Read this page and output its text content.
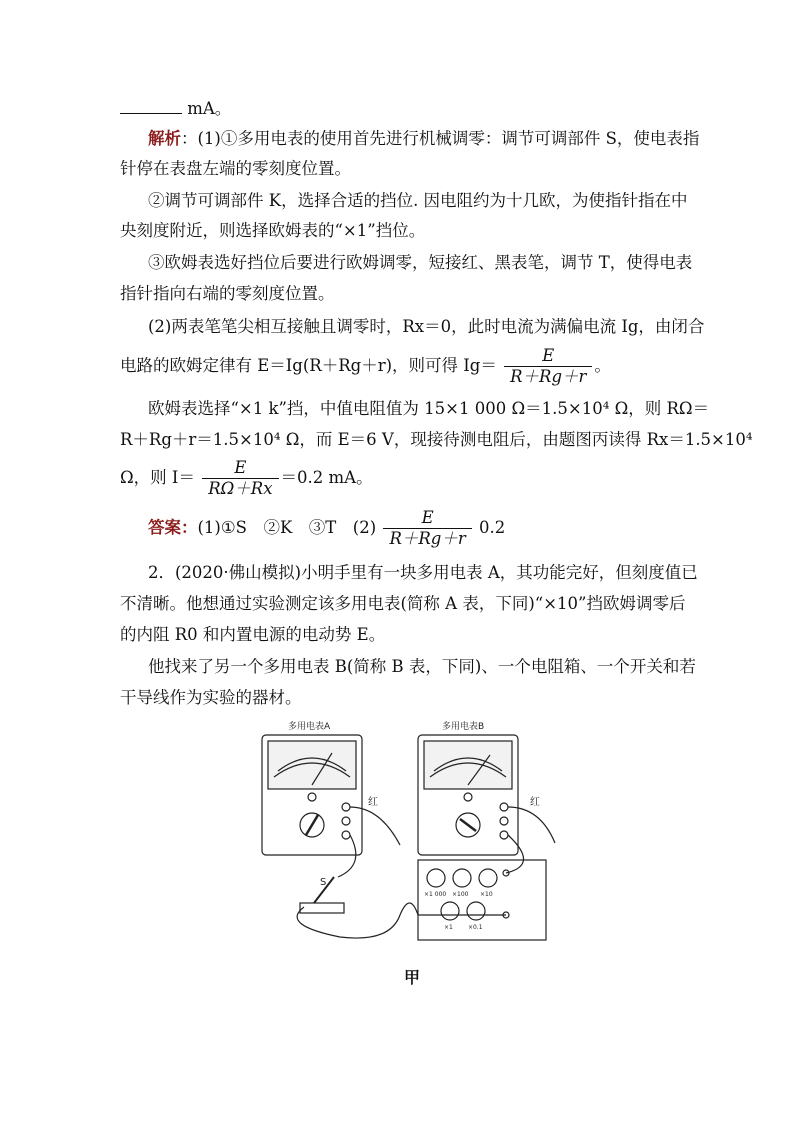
mA。
解析：(1)①多用电表的使用首先进行机械调零：调节可调部件 S，使电表指
针停在表盘左端的零刻度位置。
②调节可调部件 K，选择合适的挡位. 因电阻约为十几欧，为使指针指在中
央刻度附近，则选择欧姆表的“×1”挡位。
③欧姆表选好挡位后要进行欧姆调零，短接红、黑表笔，调节 T，使得电表
指针指向右端的零刻度位置。
(2)两表笔笔尖相互接触且调零时，Rx＝0，此时电流为满偏电流 Ig，由闭合
电路的欧姆定律有 E＝Ig(R＋Rg＋r)，则可得 $Ig= \frac{E}{R+Rg+r}$ 。
欧姆表选择“×1 k”挡，中值电阻值为 15×1 000 Ω＝1.5×10⁴ Ω，则 RΩ＝
R＋Rg＋r＝1.5×10⁴ Ω，而 E＝6 V，现接待测电阻后，由题图丙读得 Rx＝1.5×10⁴
Ω，则 $I= \frac{E}{R\Omega+Rx} =0.2$ mA。
答案：(1)①S　②K　③T　$(2) \frac{E}{R+Rg+r} 0.2$
2．(2020·佛山模拟)小明手里有一块多用电表 A，其功能完好，但刻度值已
不清晰。他想通过实验测定该多用电表(简称 A 表，下同)“×10”挡欧姆调零后
的内阻 R0 和内置电源的电动势 E。
他找来了另一个多用电表 B(简称 B 表，下同)、一个电阻箱、一个开关和若
干导线作为实验的器材。
多用电表A	多用电表B
红	红
S
×1 000 ×100 ×10
×1	×0.1
甲
